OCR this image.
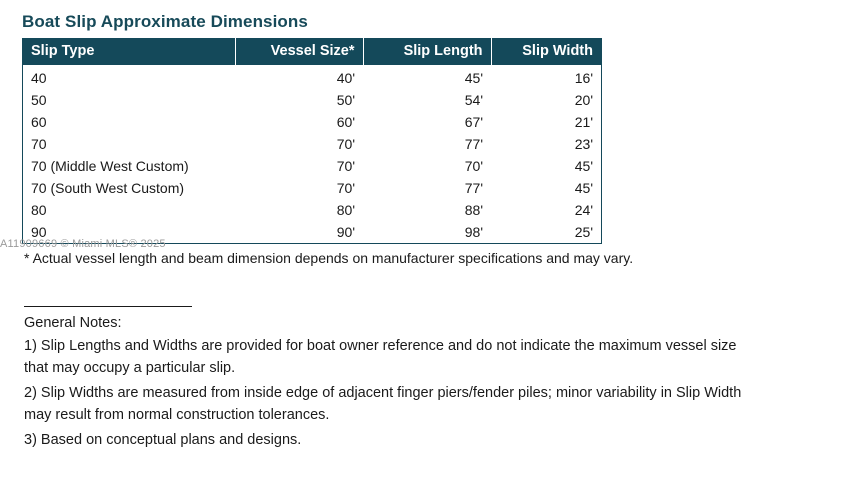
Boat Slip Approximate Dimensions
Slip Type	Vessel Size*	Slip Length	Slip Width
40	40'	45'	16'
50	50'	54'	20'
60	60'	67'	21'
70	70'	77'	23'
70 (Middle West Custom)	70'	70'	45'
70 (South West Custom)	70'	77'	45'
80	80'	88'	24'
90	90'	98'	25'
* Actual vessel length and beam dimension depends on manufacturer specifications and may vary.
General Notes:
1) Slip Lengths and Widths are provided for boat owner reference and do not indicate the maximum vessel size that may occupy a particular slip.
2) Slip Widths are measured from inside edge of adjacent finger piers/fender piles; minor variability in Slip Width may result from normal construction tolerances.
3) Based on conceptual plans and designs.
A11909669 © Miami MLS® 2025
